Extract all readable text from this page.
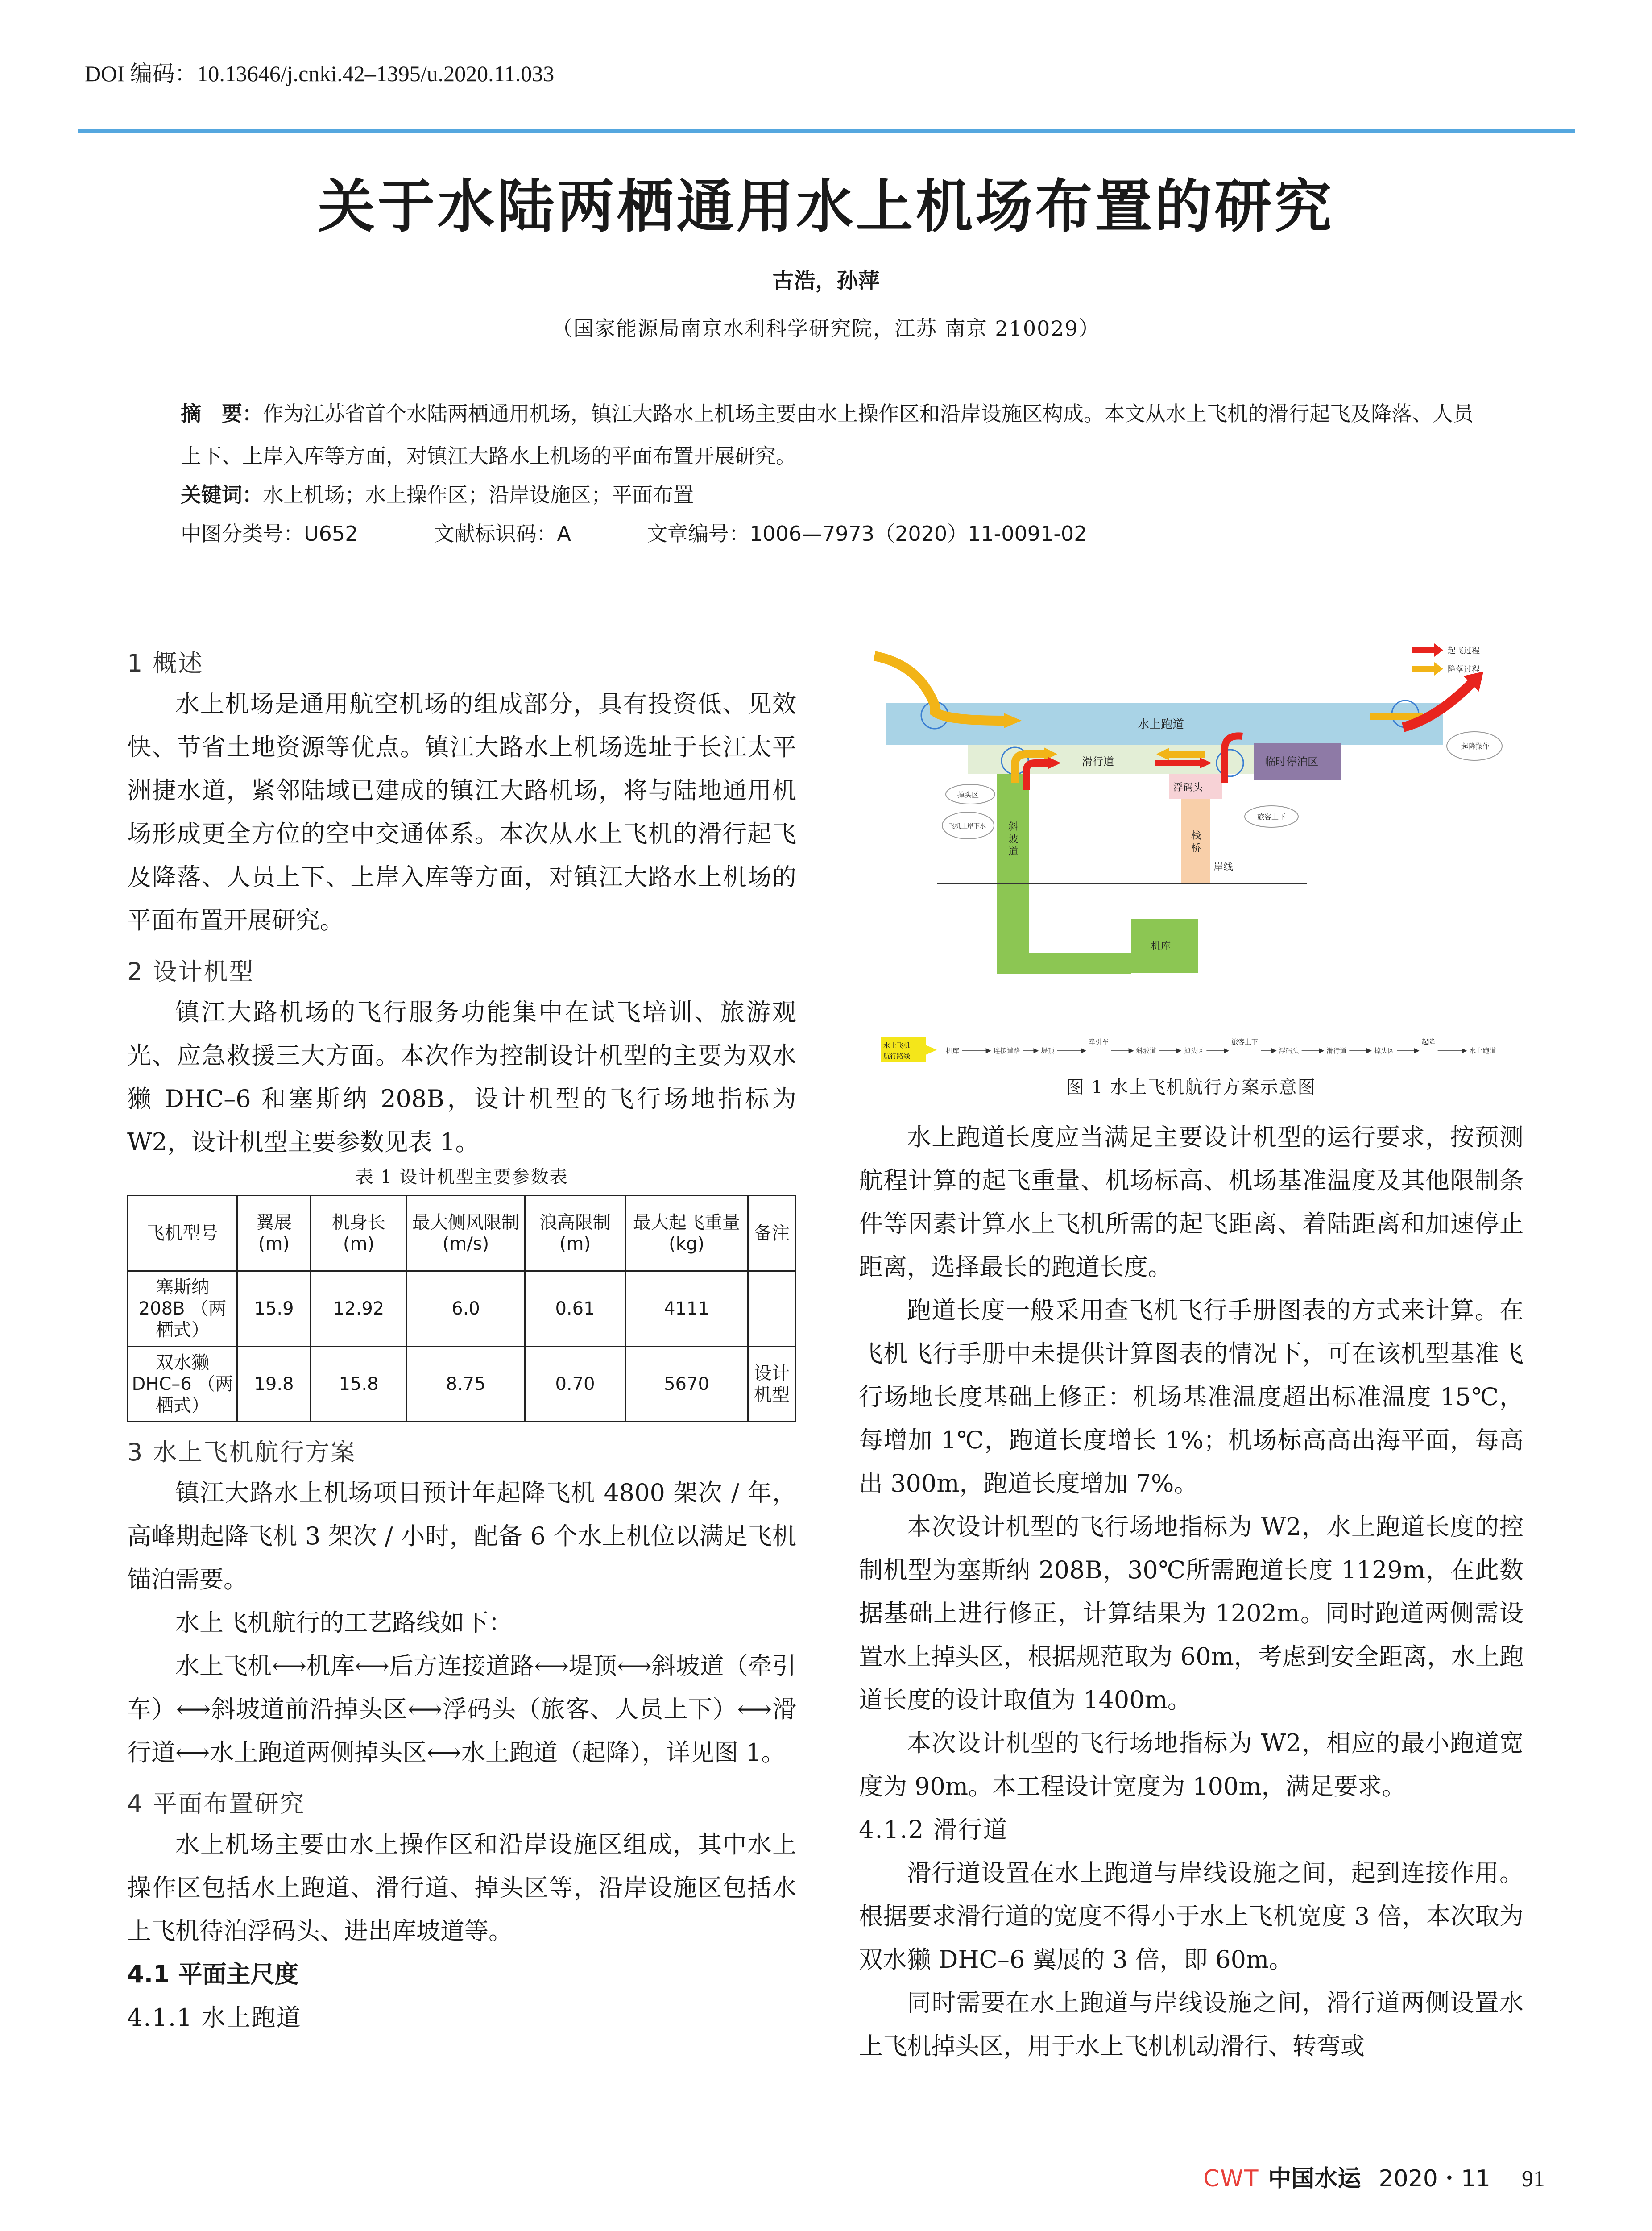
DOI 编码：10.13646/j.cnki.42–1395/u.2020.11.033
关于水陆两栖通用水上机场布置的研究
古浩，孙萍
（国家能源局南京水利科学研究院，江苏 南京 210029）
摘　要：作为江苏省首个水陆两栖通用机场，镇江大路水上机场主要由水上操作区和沿岸设施区构成。本文从水上飞机的滑行起飞及降落、人员上下、上岸入库等方面，对镇江大路水上机场的平面布置开展研究。
关键词：水上机场；水上操作区；沿岸设施区；平面布置
中图分类号：U652	文献标识码：A	文章编号：1006—7973（2020）11-0091-02

1 概述

水上机场是通用航空机场的组成部分，具有投资低、见效快、节省土地资源等优点。镇江大路水上机场选址于长江太平洲捷水道，紧邻陆域已建成的镇江大路机场，将与陆地通用机场形成更全方位的空中交通体系。本次从水上飞机的滑行起飞及降落、人员上下、上岸入库等方面，对镇江大路水上机场的平面布置开展研究。

2 设计机型

镇江大路机场的飞行服务功能集中在试飞培训、旅游观光、应急救援三大方面。本次作为控制设计机型的主要为双水獭 DHC–6 和塞斯纳 208B，设计机型的飞行场地指标为 W2，设计机型主要参数见表 1。

表 1 设计机型主要参数表

飞机型号	翼展 (m)	机身长 (m)	最大侧风限制 (m/s)	浪高限制 (m)	最大起飞重量 (kg)	备注
塞斯纳 208B （两栖式）	15.9	12.92	6.0	0.61	4111	
双水獭 DHC–6 （两栖式）	19.8	15.8	8.75	0.70	5670	设计机型

3 水上飞机航行方案

镇江大路水上机场项目预计年起降飞机 4800 架次 / 年，高峰期起降飞机 3 架次 / 小时，配备 6 个水上机位以满足飞机锚泊需要。

水上飞机航行的工艺路线如下：

水上飞机⟷机库⟷后方连接道路⟷堤顶⟷斜坡道（牵引车）⟷斜坡道前沿掉头区⟷浮码头（旅客、人员上下）⟷滑行道⟷水上跑道两侧掉头区⟷水上跑道（起降），详见图 1。

4 平面布置研究

水上机场主要由水上操作区和沿岸设施区组成，其中水上操作区包括水上跑道、滑行道、掉头区等，沿岸设施区包括水上飞机待泊浮码头、进出库坡道等。

4.1 平面主尺度

4.1.1 水上跑道

水上跑道
滑行道	临时停泊区
浮码头
岸线
机库
斜
坡
道
栈
桥
掉头区
飞机上岸下水
旅客上下
起降操作
起飞过程
降落过程
水上飞机
航行路线
机库	连接道路	堤顶
牵引车
斜坡道	掉头区
旅客上下
浮码头	滑行道	掉头区
起降
水上跑道
图 1 水上飞机航行方案示意图

水上跑道长度应当满足主要设计机型的运行要求，按预测航程计算的起飞重量、机场标高、机场基准温度及其他限制条件等因素计算水上飞机所需的起飞距离、着陆距离和加速停止距离，选择最长的跑道长度。

跑道长度一般采用查飞机飞行手册图表的方式来计算。在飞机飞行手册中未提供计算图表的情况下，可在该机型基准飞行场地长度基础上修正：机场基准温度超出标准温度 15℃，每增加 1℃，跑道长度增长 1%；机场标高高出海平面，每高出 300m，跑道长度增加 7%。

本次设计机型的飞行场地指标为 W2，水上跑道长度的控制机型为塞斯纳 208B，30℃所需跑道长度 1129m，在此数据基础上进行修正，计算结果为 1202m。同时跑道两侧需设置水上掉头区，根据规范取为 60m，考虑到安全距离，水上跑道长度的设计取值为 1400m。

本次设计机型的飞行场地指标为 W2，相应的最小跑道宽度为 90m。本工程设计宽度为 100m，满足要求。

4.1.2 滑行道

滑行道设置在水上跑道与岸线设施之间，起到连接作用。根据要求滑行道的宽度不得小于水上飞机宽度 3 倍，本次取为双水獭 DHC–6 翼展的 3 倍，即 60m。

同时需要在水上跑道与岸线设施之间，滑行道两侧设置水上飞机掉头区，用于水上飞机机动滑行、转弯或

CWT 中国水运 2020・11 91
